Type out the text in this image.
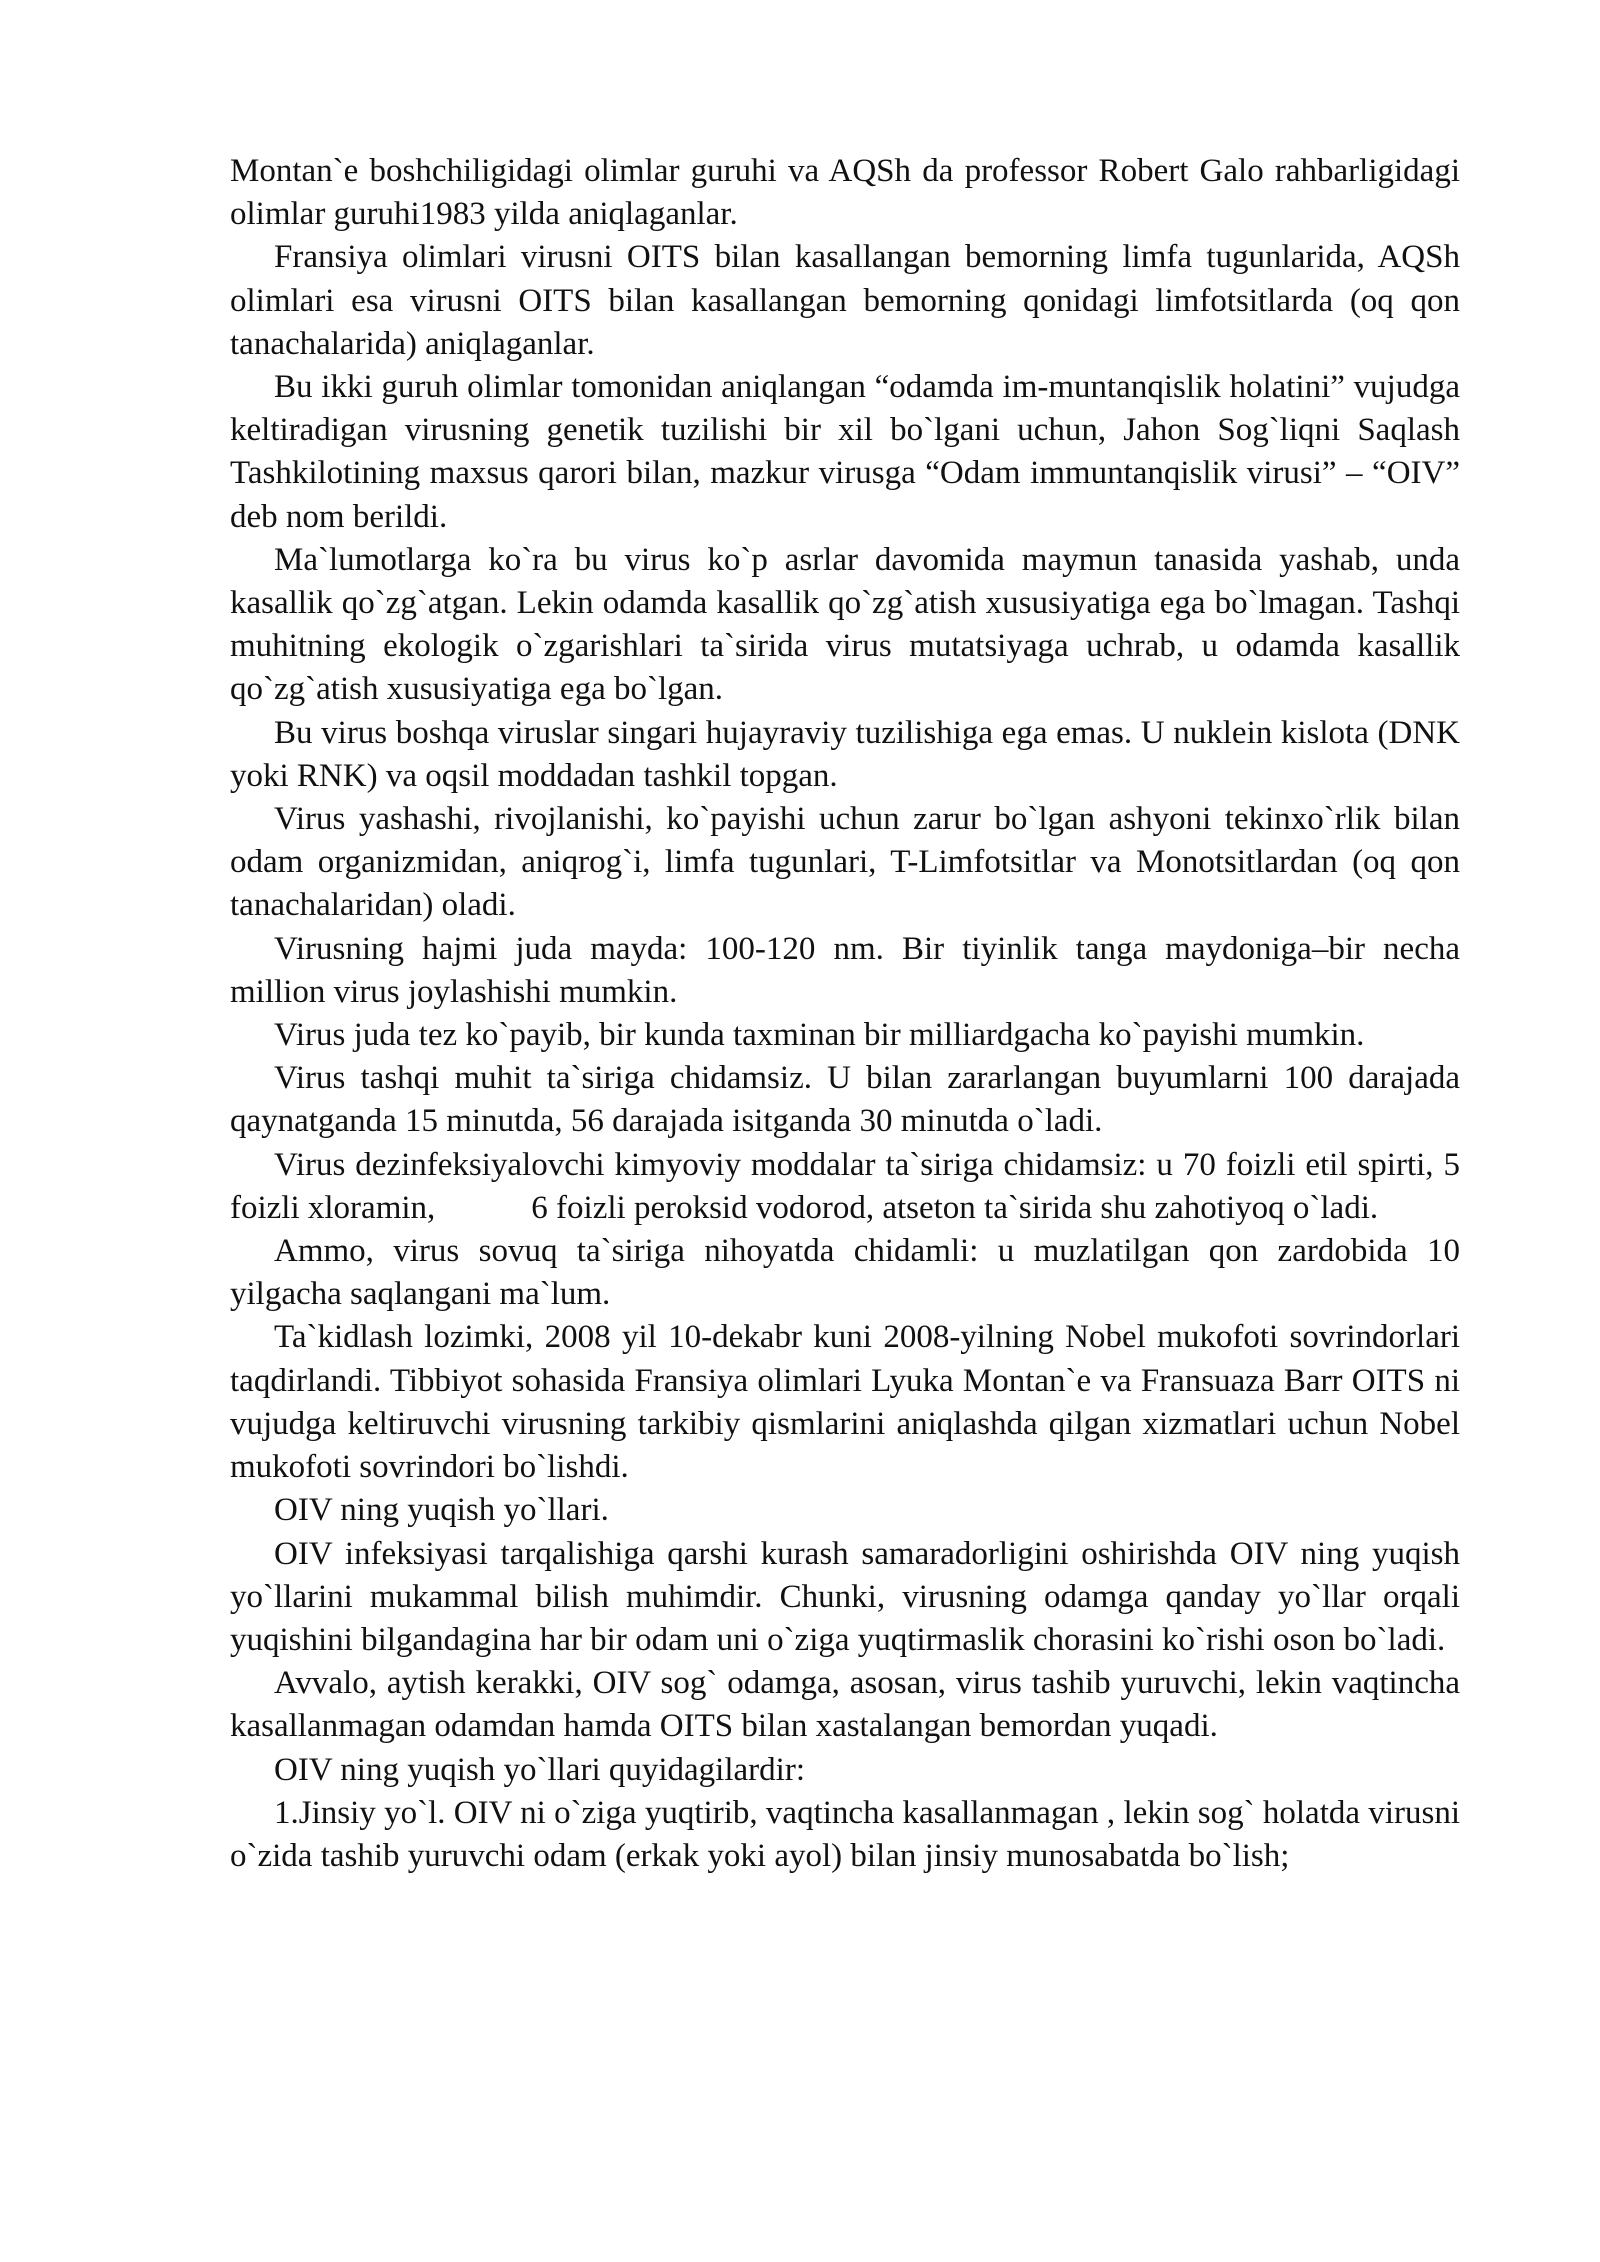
Montan`e boshchiligidagi olimlar guruhi va AQSh da professor Robert Galo rahbarligidagi olimlar guruhi1983 yilda aniqlaganlar.

Fransiya olimlari virusni OITS bilan kasallangan bemorning limfa tugunlarida, AQSh olimlari esa virusni OITS bilan kasallangan bemorning qonidagi limfotsitlarda (oq qon tanachalarida) aniqlaganlar.

Bu ikki guruh olimlar tomonidan aniqlangan “odamda im-muntanqislik holatini” vujudga keltiradigan virusning genetik tuzilishi bir xil bo`lgani uchun, Jahon Sog`liqni Saqlash Tashkilotining maxsus qarori bilan, mazkur virusga “Odam immuntanqislik virusi” – “OIV” deb nom berildi.

Ma`lumotlarga ko`ra bu virus ko`p asrlar davomida maymun tanasida yashab, unda kasallik qo`zg`atgan. Lekin odamda kasallik qo`zg`atish xususiyatiga ega bo`lmagan. Tashqi muhitning ekologik o`zgarishlari ta`sirida virus mutatsiyaga uchrab, u odamda kasallik qo`zg`atish xususiyatiga ega bo`lgan.

Bu virus boshqa viruslar singari hujayraviy tuzilishiga ega emas. U nuklein kislota (DNK yoki RNK) va oqsil moddadan tashkil topgan.

Virus yashashi, rivojlanishi, ko`payishi uchun zarur bo`lgan ashyoni tekinxo`rlik bilan odam organizmidan, aniqrog`i, limfa tugunlari, T-Limfotsitlar va Monotsitlardan (oq qon tanachalaridan) oladi.

Virusning hajmi juda mayda: 100-120 nm. Bir tiyinlik tanga maydoniga–bir necha million virus joylashishi mumkin.

Virus juda tez ko`payib, bir kunda taxminan bir milliardgacha ko`payishi mumkin.

Virus tashqi muhit ta`siriga chidamsiz. U bilan zararlangan buyumlarni 100 darajada qaynatganda 15 minutda, 56 darajada isitganda 30 minutda o`ladi.

Virus dezinfeksiyalovchi kimyoviy moddalar ta`siriga chidamsiz: u 70 foizli etil spirti, 5 foizli xloramin,	6 foizli peroksid vodorod, atseton ta`sirida shu zahotiyoq o`ladi.

Ammo, virus sovuq ta`siriga nihoyatda chidamli: u muzlatilgan qon zardobida 10 yilgacha saqlangani ma`lum.

Ta`kidlash lozimki, 2008 yil 10-dekabr kuni 2008-yilning Nobel mukofoti sovrindorlari taqdirlandi. Tibbiyot sohasida Fransiya olimlari Lyuka Montan`e va Fransuaza Barr OITS ni vujudga keltiruvchi virusning tarkibiy qismlarini aniqlashda qilgan xizmatlari uchun Nobel mukofoti sovrindori bo`lishdi.

OIV ning yuqish yo`llari.

OIV infeksiyasi tarqalishiga qarshi kurash samaradorligini oshirishda OIV ning yuqish yo`llarini mukammal bilish muhimdir. Chunki, virusning odamga qanday yo`llar orqali yuqishini bilgandagina har bir odam uni o`ziga yuqtirmaslik chorasini ko`rishi oson bo`ladi.

Avvalo, aytish kerakki, OIV sog` odamga, asosan, virus tashib yuruvchi, lekin vaqtincha kasallanmagan odamdan hamda OITS bilan xastalangan bemordan yuqadi.

OIV ning yuqish yo`llari quyidagilardir:

1.Jinsiy yo`l. OIV ni o`ziga yuqtirib, vaqtincha kasallanmagan , lekin sog` holatda virusni o`zida tashib yuruvchi odam (erkak yoki ayol) bilan jinsiy munosabatda bo`lish;
